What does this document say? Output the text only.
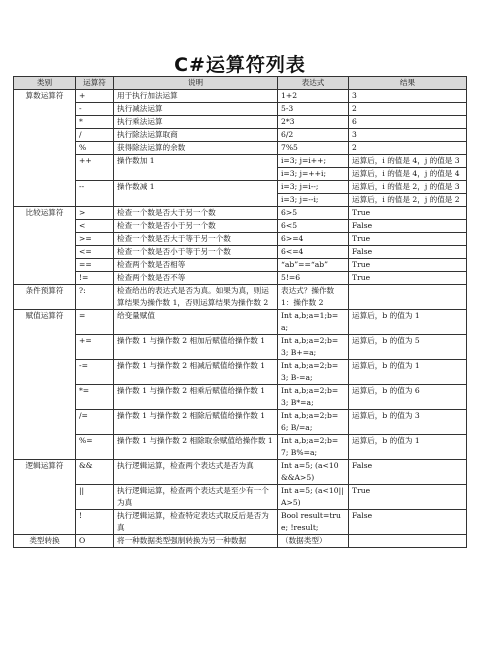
C#运算符列表
类别	运算符	说明	表达式	结果
算数运算符	+	用于执行加法运算	1+2	3
	-	执行减法运算	5-3	2
	*	执行乘法运算	2*3	6
	/	执行除法运算取商	6/2	3
	%	获得除法运算的余数	7%5	2
	++	操作数加 1	i=3; j=i++;	运算后，i 的值是 4，j 的值是 3
			i=3; j=++i;	运算后，i 的值是 4，j 的值是 4
	--	操作数减 1	i=3; j=i--;	运算后，i 的值是 2，j 的值是 3
			i=3; j=--i;	运算后，i 的值是 2，j 的值是 2
比较运算符	>	检查一个数是否大于另一个数	6>5	True
	<	检查一个数是否小于另一个数	6<5	False
	>=	检查一个数是否大于等于另一个数	6>=4	True
	<=	检查一个数是否小于等于另一个数	6<=4	False
	==	检查两个数是否相等	“ab”==“ab”	True
	!=	检查两个数是否不等	5!=6	True
条件预算符	?:	检查给出的表达式是否为真。如果为真，则运算结果为操作数 1，否则运算结果为操作数 2	表达式？操作数 1：操作数 2	
赋值运算符	=	给变量赋值	Int a,b;a=1;b=a;	运算后，b 的值为 1
	+=	操作数 1 与操作数 2 相加后赋值给操作数 1	Int a,b;a=2;b=3; B+=a;	运算后，b 的值为 5
	-=	操作数 1 与操作数 2 相减后赋值给操作数 1	Int a,b;a=2;b=3; B-=a;	运算后，b 的值为 1
	*=	操作数 1 与操作数 2 相乘后赋值给操作数 1	Int a,b;a=2;b=3; B*=a;	运算后，b 的值为 6
	/=	操作数 1 与操作数 2 相除后赋值给操作数 1	Int a,b;a=2;b=6; B/=a;	运算后，b 的值为 3
	%=	操作数 1 与操作数 2 相除取余赋值给操作数 1	Int a,b;a=2;b=7; B%=a;	运算后，b 的值为 1
逻辑运算符	&&	执行逻辑运算，检查两个表达式是否为真	Int a=5; (a<10&&A>5)	False
	||	执行逻辑运算，检查两个表达式是至少有一个为真	Int a=5; (a<10||A>5)	True
	!	执行逻辑运算，检查特定表达式取反后是否为真	Bool result=true; !result;	False
类型转换	O	将一种数据类型强制转换为另一种数据	（数据类型）	
